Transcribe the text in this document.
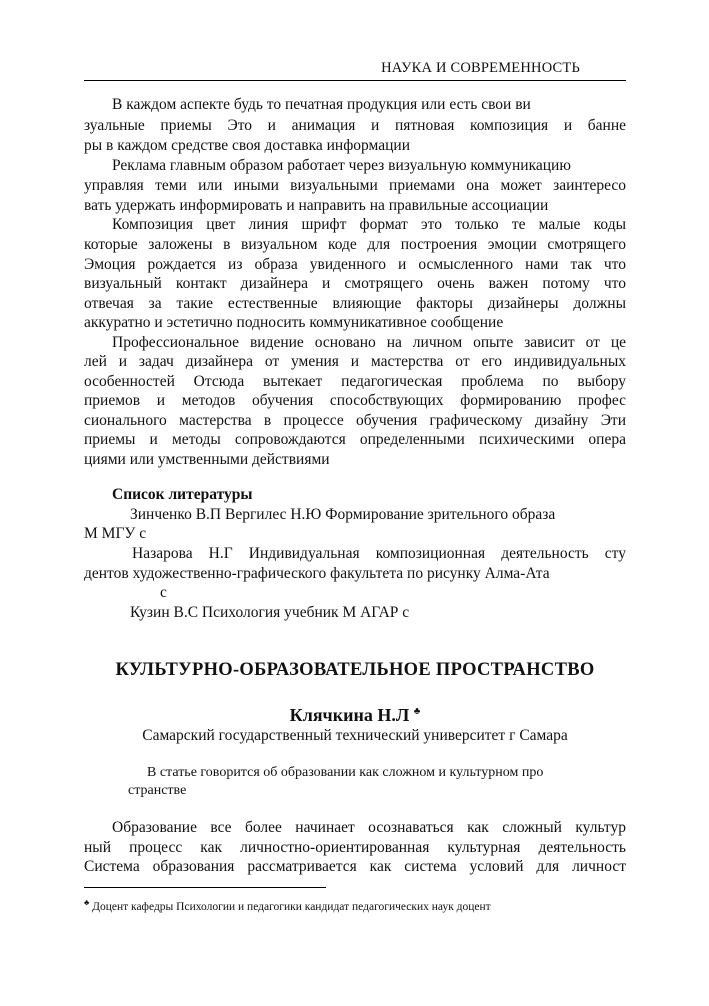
НАУКА И СОВРЕМЕННОСТЬ
В каждом аспекте будь то печатная продукция или есть свои ви
зуальные приемы Это и анимация и пятновая композиция и банне
ры в каждом средстве своя доставка информации
Реклама главным образом работает через визуальную коммуникацию
управляя теми или иными визуальными приемами она может заинтересо
вать удержать информировать и направить на правильные ассоциации
Композиция цвет линия шрифт формат это только те малые коды
которые заложены в визуальном коде для построения эмоции смотрящего
Эмоция рождается из образа увиденного и осмысленного нами так что
визуальный контакт дизайнера и смотрящего очень важен потому что
отвечая за такие естественные влияющие факторы дизайнеры должны
аккуратно и эстетично подносить коммуникативное сообщение
Профессиональное видение основано на личном опыте зависит от це
лей и задач дизайнера от умения и мастерства от его индивидуальных
особенностей Отсюда вытекает педагогическая проблема по выбору
приемов и методов обучения способствующих формированию профес
сионального мастерства в процессе обучения графическому дизайну Эти
приемы и методы сопровождаются определенными психическими опера
циями или умственными действиями
Список литературы
Зинченко В.П Вергилес Н.Ю Формирование зрительного образа
М МГУ с
Назарова Н.Г Индивидуальная композиционная деятельность сту
дентов художественно-графического факультета по рисунку Алма-Ата
с
Кузин В.С Психология учебник М АГАР с
КУЛЬТУРНО-ОБРАЗОВАТЕЛЬНОЕ ПРОСТРАНСТВО
Клячкина Н.Л ♣
Самарский государственный технический университет г Самара
В статье говорится об образовании как сложном и культурном про
странстве
Образование все более начинает осознаваться как сложный культур
ный процесс как личностно-ориентированная культурная деятельность
Система образования рассматривается как система условий для личност
♣ Доцент кафедры Психологии и педагогики кандидат педагогических наук доцент
